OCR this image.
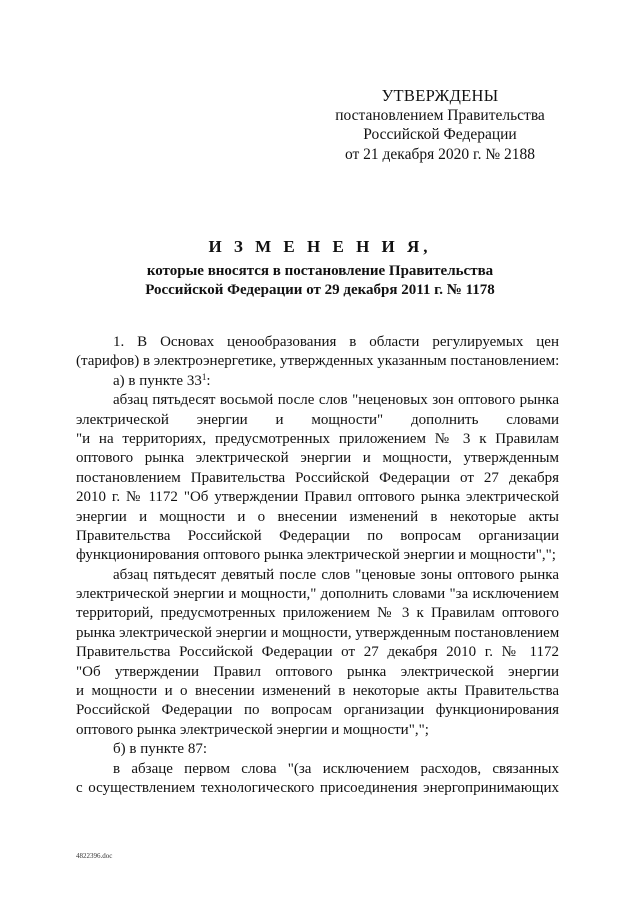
УТВЕРЖДЕНЫ
постановлением Правительства
Российской Федерации
от 21 декабря 2020 г. № 2188
И З М Е Н Е Н И Я,
которые вносятся в постановление Правительства
Российской Федерации от 29 декабря 2011 г. № 1178
1. В Основах ценообразования в области регулируемых цен
(тарифов) в электроэнергетике, утвержденных указанным постановлением:
а) в пункте $33^1$:
абзац пятьдесят восьмой после слов "неценовых зон оптового рынка
электрической энергии и мощности" дополнить словами
"и на территориях, предусмотренных приложением № 3 к Правилам
оптового рынка электрической энергии и мощности, утвержденным
постановлением Правительства Российской Федерации от 27 декабря
2010 г. № 1172 "Об утверждении Правил оптового рынка электрической
энергии и мощности и о внесении изменений в некоторые акты
Правительства Российской Федерации по вопросам организации
функционирования оптового рынка электрической энергии и мощности",";
абзац пятьдесят девятый после слов "ценовые зоны оптового рынка
электрической энергии и мощности," дополнить словами "за исключением
территорий, предусмотренных приложением № 3 к Правилам оптового
рынка электрической энергии и мощности, утвержденным постановлением
Правительства Российской Федерации от 27 декабря 2010 г. № 1172
"Об утверждении Правил оптового рынка электрической энергии
и мощности и о внесении изменений в некоторые акты Правительства
Российской Федерации по вопросам организации функционирования
оптового рынка электрической энергии и мощности",";
б) в пункте 87:
в абзаце первом слова "(за исключением расходов, связанных
с осуществлением технологического присоединения энергопринимающих
4822396.doc
